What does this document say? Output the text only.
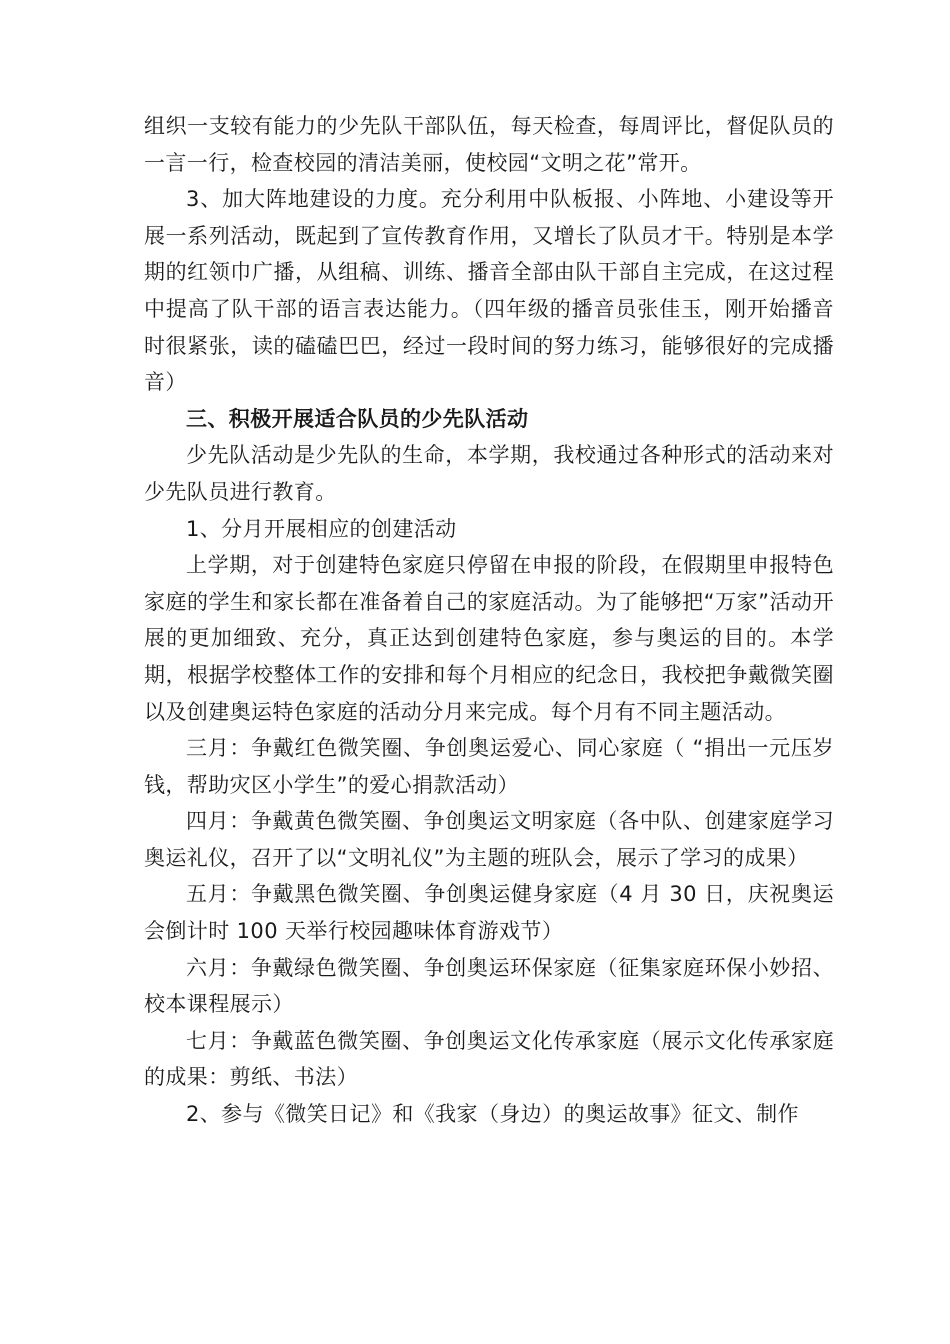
组织一支较有能力的少先队干部队伍，每天检查，每周评比，督促队员的一言一行，检查校园的清洁美丽，使校园“文明之花”常开。

3、加大阵地建设的力度。充分利用中队板报、小阵地、小建设等开展一系列活动，既起到了宣传教育作用，又增长了队员才干。特别是本学期的红领巾广播，从组稿、训练、播音全部由队干部自主完成，在这过程中提高了队干部的语言表达能力。（四年级的播音员张佳玉，刚开始播音时很紧张，读的磕磕巴巴，经过一段时间的努力练习，能够很好的完成播音）

三、积极开展适合队员的少先队活动

少先队活动是少先队的生命，本学期，我校通过各种形式的活动来对少先队员进行教育。

1、分月开展相应的创建活动

上学期，对于创建特色家庭只停留在申报的阶段，在假期里申报特色家庭的学生和家长都在准备着自己的家庭活动。为了能够把“万家”活动开展的更加细致、充分，真正达到创建特色家庭，参与奥运的目的。本学期，根据学校整体工作的安排和每个月相应的纪念日，我校把争戴微笑圈以及创建奥运特色家庭的活动分月来完成。每个月有不同主题活动。

三月：争戴红色微笑圈、争创奥运爱心、同心家庭（ “捐出一元压岁钱，帮助灾区小学生”的爱心捐款活动）

四月：争戴黄色微笑圈、争创奥运文明家庭（各中队、创建家庭学习奥运礼仪，召开了以“文明礼仪”为主题的班队会，展示了学习的成果）

五月：争戴黑色微笑圈、争创奥运健身家庭（4 月 30 日，庆祝奥运会倒计时 100 天举行校园趣味体育游戏节）

六月：争戴绿色微笑圈、争创奥运环保家庭（征集家庭环保小妙招、校本课程展示）

七月：争戴蓝色微笑圈、争创奥运文化传承家庭（展示文化传承家庭的成果：剪纸、书法）

2、参与《微笑日记》和《我家（身边）的奥运故事》征文、制作
